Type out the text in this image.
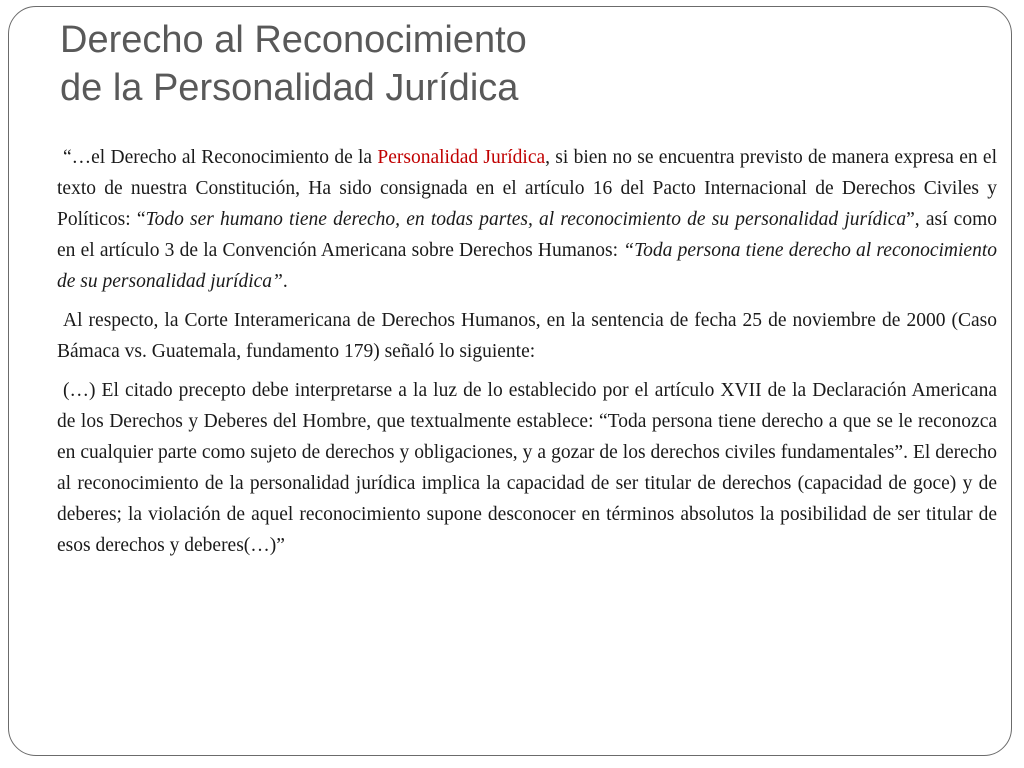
Derecho al Reconocimiento
de la Personalidad Jurídica

“…el Derecho al Reconocimiento de la Personalidad Jurídica, si bien no se encuentra previsto de manera expresa en el texto de nuestra Constitución, Ha sido consignada en el artículo 16 del Pacto Internacional de Derechos Civiles y Políticos: “Todo ser humano tiene derecho, en todas partes, al reconocimiento de su personalidad jurídica”, así como en el artículo 3 de la Convención Americana sobre Derechos Humanos: “Toda persona tiene derecho al reconocimiento de su personalidad jurídica”.

Al respecto, la Corte Interamericana de Derechos Humanos, en la sentencia de fecha 25 de noviembre de 2000 (Caso Bámaca vs. Guatemala, fundamento 179) señaló lo siguiente:

(…) El citado precepto debe interpretarse a la luz de lo establecido por el artículo XVII de la Declaración Americana de los Derechos y Deberes del Hombre, que textualmente establece: “Toda persona tiene derecho a que se le reconozca en cualquier parte como sujeto de derechos y obligaciones, y a gozar de los derechos civiles fundamentales”. El derecho al reconocimiento de la personalidad jurídica implica la capacidad de ser titular de derechos (capacidad de goce) y de deberes; la violación de aquel reconocimiento supone desconocer en términos absolutos la posibilidad de ser titular de esos derechos y deberes(…)”
